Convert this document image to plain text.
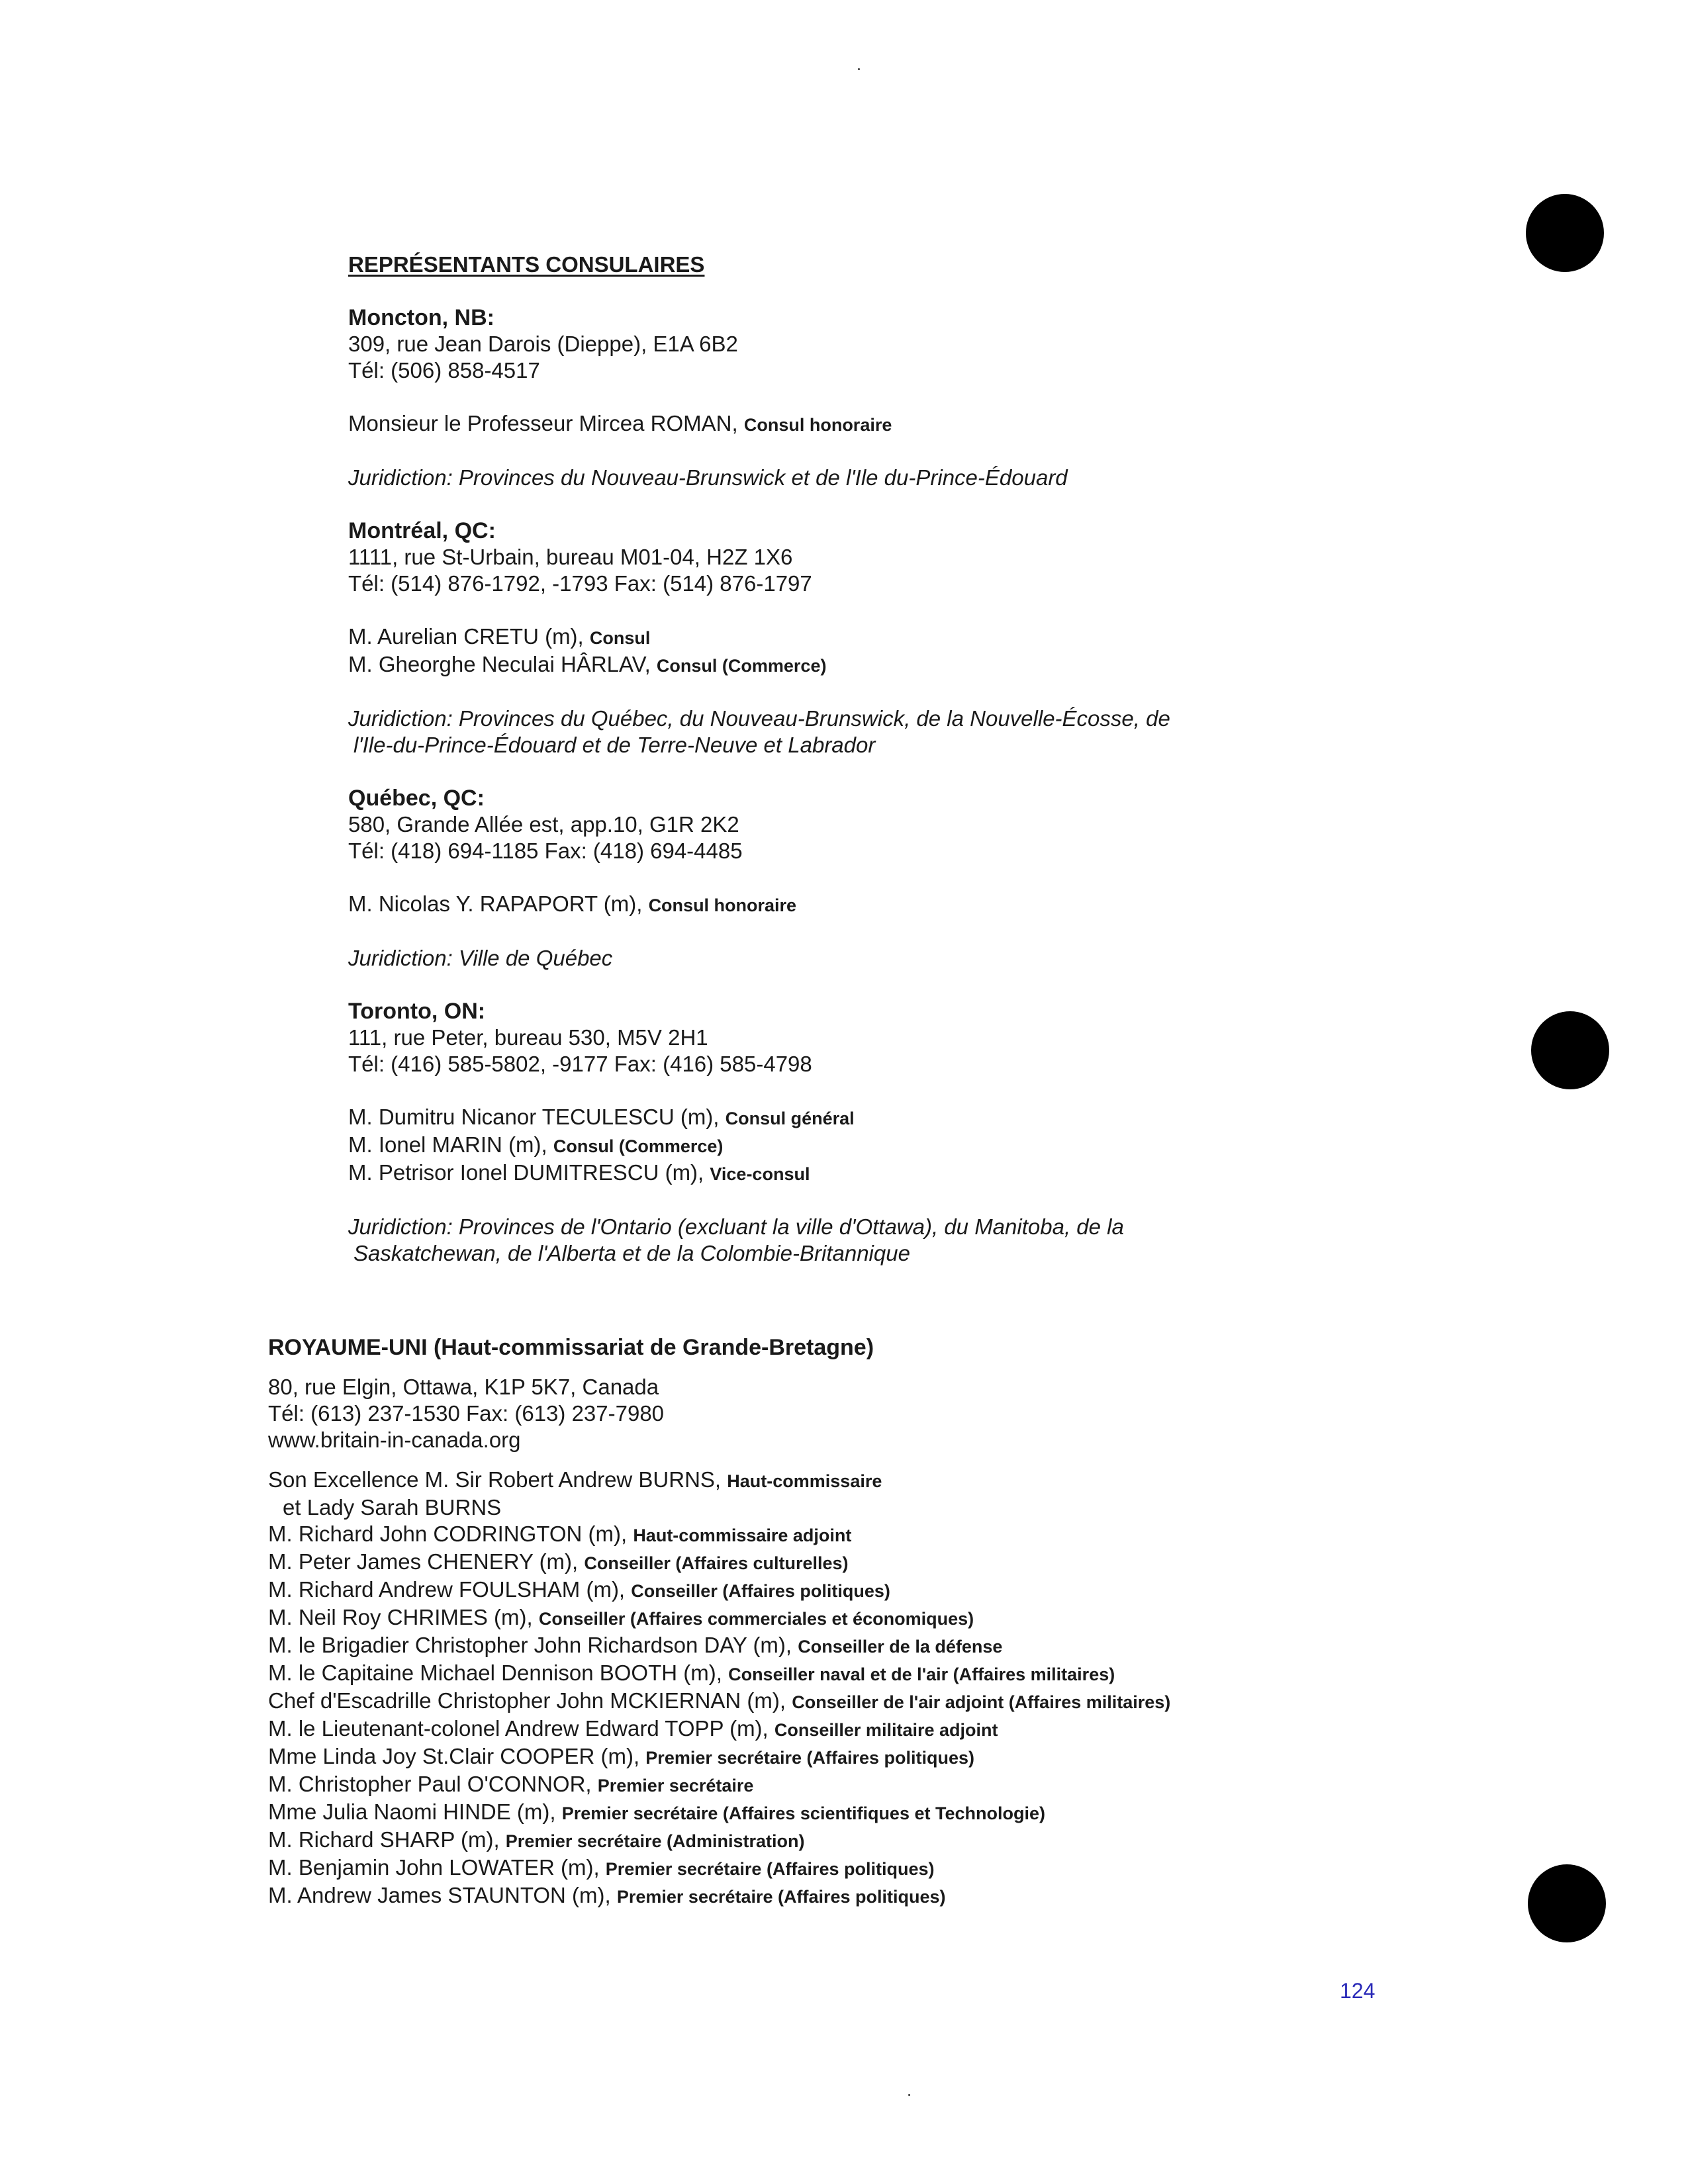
REPRÉSENTANTS CONSULAIRES
Moncton, NB:
309, rue Jean Darois (Dieppe), E1A 6B2
Tél: (506) 858-4517
Monsieur le Professeur Mircea ROMAN, Consul honoraire
Juridiction: Provinces du Nouveau-Brunswick et de l'Ile du-Prince-Édouard
Montréal, QC:
1111, rue St-Urbain, bureau M01-04, H2Z 1X6
Tél: (514) 876-1792, -1793 Fax: (514) 876-1797
M. Aurelian CRETU (m), Consul
M. Gheorghe Neculai HÂRLAV, Consul (Commerce)
Juridiction: Provinces du Québec, du Nouveau-Brunswick, de la Nouvelle-Écosse, de
l'Ile-du-Prince-Édouard et de Terre-Neuve et Labrador
Québec, QC:
580, Grande Allée est, app.10, G1R 2K2
Tél: (418) 694-1185 Fax: (418) 694-4485
M. Nicolas Y. RAPAPORT (m), Consul honoraire
Juridiction: Ville de Québec
Toronto, ON:
111, rue Peter, bureau 530, M5V 2H1
Tél: (416) 585-5802, -9177 Fax: (416) 585-4798
M. Dumitru Nicanor TECULESCU (m), Consul général
M. Ionel MARIN (m), Consul (Commerce)
M. Petrisor Ionel DUMITRESCU (m), Vice-consul
Juridiction: Provinces de l'Ontario (excluant la ville d'Ottawa), du Manitoba, de la
Saskatchewan, de l'Alberta et de la Colombie-Britannique
ROYAUME-UNI (Haut-commissariat de Grande-Bretagne)
80, rue Elgin, Ottawa, K1P 5K7, Canada
Tél: (613) 237-1530 Fax: (613) 237-7980
www.britain-in-canada.org
Son Excellence M. Sir Robert Andrew BURNS, Haut-commissaire
et Lady Sarah BURNS
M. Richard John CODRINGTON (m), Haut-commissaire adjoint
M. Peter James CHENERY (m), Conseiller (Affaires culturelles)
M. Richard Andrew FOULSHAM (m), Conseiller (Affaires politiques)
M. Neil Roy CHRIMES (m), Conseiller (Affaires commerciales et économiques)
M. le Brigadier Christopher John Richardson DAY (m), Conseiller de la défense
M. le Capitaine Michael Dennison BOOTH (m), Conseiller naval et de l'air (Affaires militaires)
Chef d'Escadrille Christopher John MCKIERNAN (m), Conseiller de l'air adjoint (Affaires militaires)
M. le Lieutenant-colonel Andrew Edward TOPP (m), Conseiller militaire adjoint
Mme Linda Joy St.Clair COOPER (m), Premier secrétaire (Affaires politiques)
M. Christopher Paul O'CONNOR, Premier secrétaire
Mme Julia Naomi HINDE (m), Premier secrétaire (Affaires scientifiques et Technologie)
M. Richard SHARP (m), Premier secrétaire (Administration)
M. Benjamin John LOWATER (m), Premier secrétaire (Affaires politiques)
M. Andrew James STAUNTON (m), Premier secrétaire (Affaires politiques)
124
